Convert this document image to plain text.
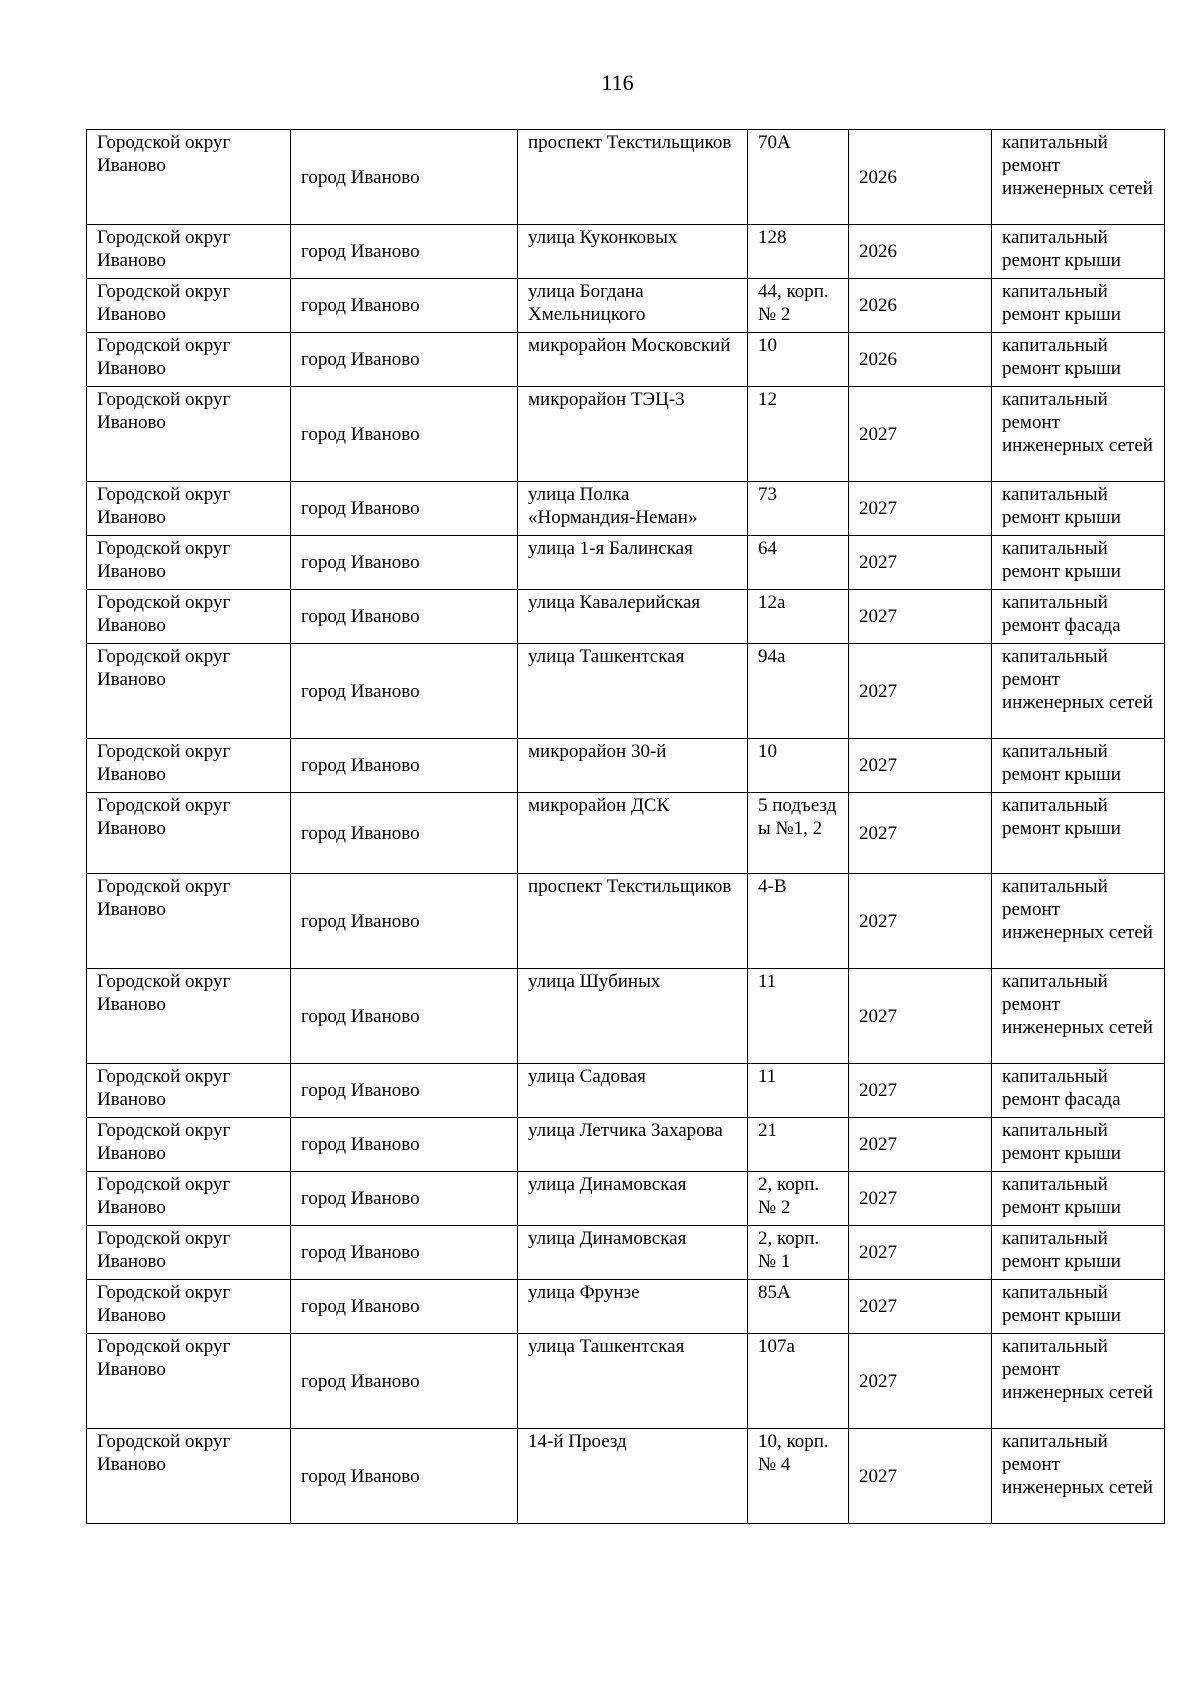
116
Городской округ Иваново	город Иваново	проспект Текстильщиков	70А	2026	капитальный ремонт инженерных сетей
Городской округ Иваново	город Иваново	улица Куконковых	128	2026	капитальный ремонт крыши
Городской округ Иваново	город Иваново	улица Богдана Хмельницкого	44, корп. № 2	2026	капитальный ремонт крыши
Городской округ Иваново	город Иваново	микрорайон Московский	10	2026	капитальный ремонт крыши
Городской округ Иваново	город Иваново	микрорайон ТЭЦ-3	12	2027	капитальный ремонт инженерных сетей
Городской округ Иваново	город Иваново	улица Полка «Нормандия-Неман»	73	2027	капитальный ремонт крыши
Городской округ Иваново	город Иваново	улица 1-я Балинская	64	2027	капитальный ремонт крыши
Городской округ Иваново	город Иваново	улица Кавалерийская	12а	2027	капитальный ремонт фасада
Городской округ Иваново	город Иваново	улица Ташкентская	94а	2027	капитальный ремонт инженерных сетей
Городской округ Иваново	город Иваново	микрорайон 30-й	10	2027	капитальный ремонт крыши
Городской округ Иваново	город Иваново	микрорайон ДСК	5 подъезд ы №1, 2	2027	капитальный ремонт крыши
Городской округ Иваново	город Иваново	проспект Текстильщиков	4-В	2027	капитальный ремонт инженерных сетей
Городской округ Иваново	город Иваново	улица Шубиных	11	2027	капитальный ремонт инженерных сетей
Городской округ Иваново	город Иваново	улица Садовая	11	2027	капитальный ремонт фасада
Городской округ Иваново	город Иваново	улица Летчика Захарова	21	2027	капитальный ремонт крыши
Городской округ Иваново	город Иваново	улица Динамовская	2, корп. № 2	2027	капитальный ремонт крыши
Городской округ Иваново	город Иваново	улица Динамовская	2, корп. № 1	2027	капитальный ремонт крыши
Городской округ Иваново	город Иваново	улица Фрунзе	85А	2027	капитальный ремонт крыши
Городской округ Иваново	город Иваново	улица Ташкентская	107а	2027	капитальный ремонт инженерных сетей
Городской округ Иваново	город Иваново	14-й Проезд	10, корп. № 4	2027	капитальный ремонт инженерных сетей
